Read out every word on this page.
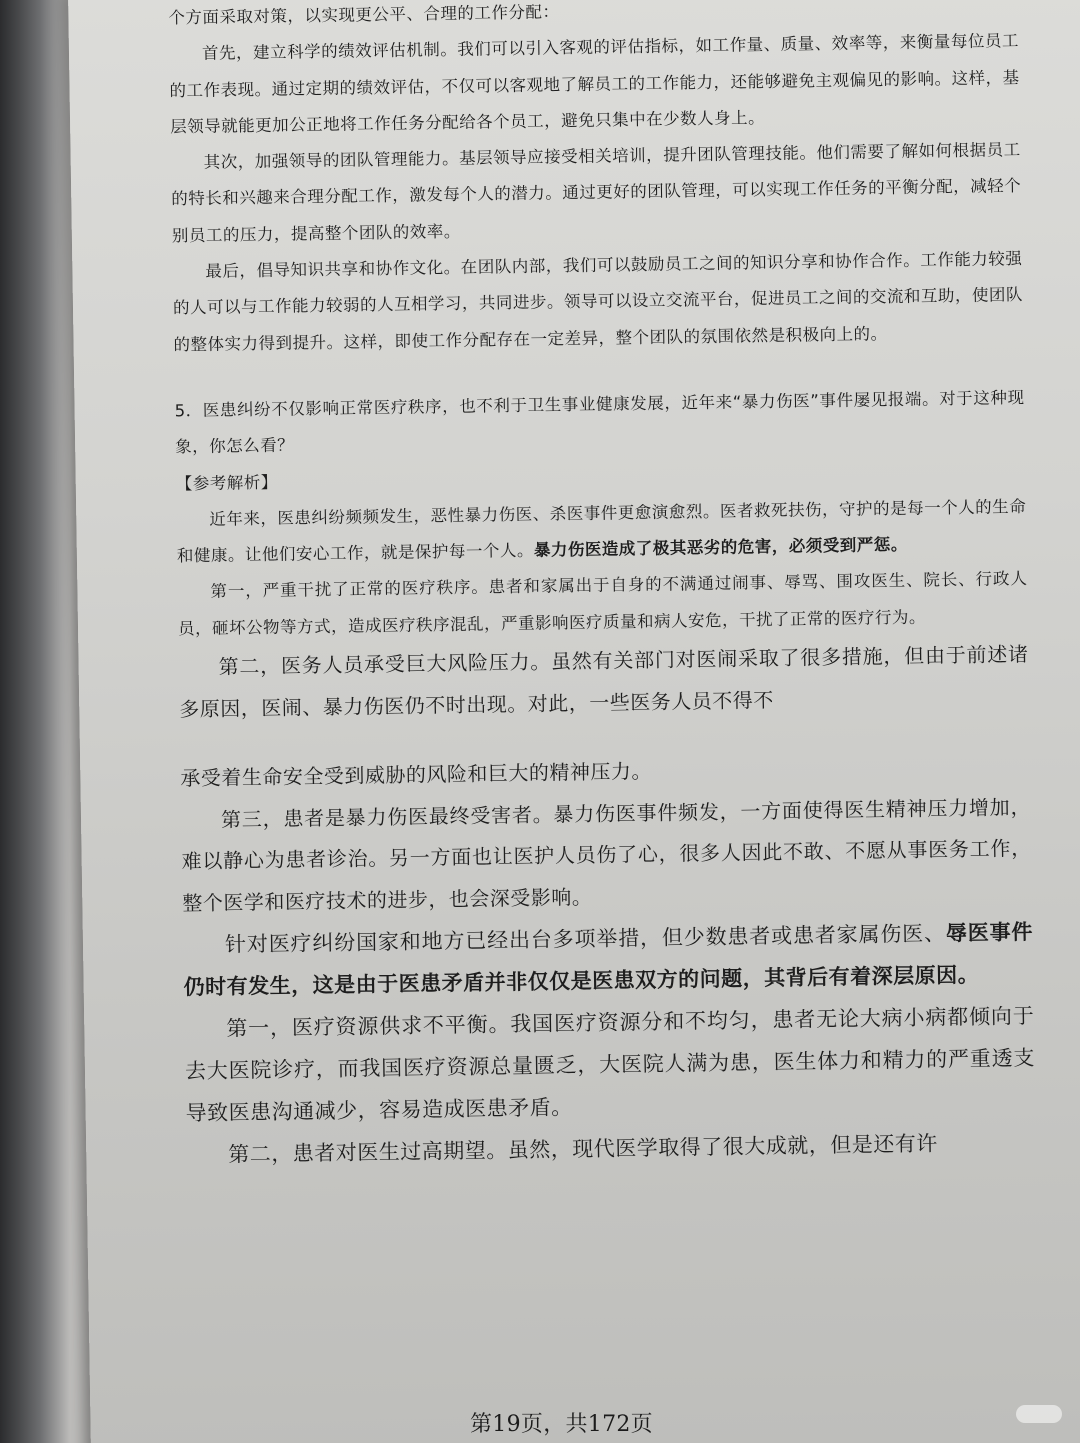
个方面采取对策，以实现更公平、合理的工作分配：

首先，建立科学的绩效评估机制。我们可以引入客观的评估指标，如工作量、质量、效率等，来衡量每位员工的工作表现。通过定期的绩效评估，不仅可以客观地了解员工的工作能力，还能够避免主观偏见的影响。这样，基层领导就能更加公正地将工作任务分配给各个员工，避免只集中在少数人身上。

其次，加强领导的团队管理能力。基层领导应接受相关培训，提升团队管理技能。他们需要了解如何根据员工的特长和兴趣来合理分配工作，激发每个人的潜力。通过更好的团队管理，可以实现工作任务的平衡分配，减轻个别员工的压力，提高整个团队的效率。

最后，倡导知识共享和协作文化。在团队内部，我们可以鼓励员工之间的知识分享和协作合作。工作能力较强的人可以与工作能力较弱的人互相学习，共同进步。领导可以设立交流平台，促进员工之间的交流和互助，使团队的整体实力得到提升。这样，即使工作分配存在一定差异，整个团队的氛围依然是积极向上的。

5．医患纠纷不仅影响正常医疗秩序，也不利于卫生事业健康发展，近年来“暴力伤医”事件屡见报端。对于这种现象，你怎么看？

【参考解析】

近年来，医患纠纷频频发生，恶性暴力伤医、杀医事件更愈演愈烈。医者救死扶伤，守护的是每一个人的生命和健康。让他们安心工作，就是保护每一个人。暴力伤医造成了极其恶劣的危害，必须受到严惩。

第一，严重干扰了正常的医疗秩序。患者和家属出于自身的不满通过闹事、辱骂、围攻医生、院长、行政人员，砸坏公物等方式，造成医疗秩序混乱，严重影响医疗质量和病人安危，干扰了正常的医疗行为。

第二，医务人员承受巨大风险压力。虽然有关部门对医闹采取了很多措施，但由于前述诸多原因，医闹、暴力伤医仍不时出现。对此，一些医务人员不得不

承受着生命安全受到威胁的风险和巨大的精神压力。

第三，患者是暴力伤医最终受害者。暴力伤医事件频发，一方面使得医生精神压力增加，难以静心为患者诊治。另一方面也让医护人员伤了心，很多人因此不敢、不愿从事医务工作，整个医学和医疗技术的进步，也会深受影响。

针对医疗纠纷国家和地方已经出台多项举措，但少数患者或患者家属伤医、辱医事件仍时有发生，这是由于医患矛盾并非仅仅是医患双方的问题，其背后有着深层原因。

第一，医疗资源供求不平衡。我国医疗资源分和不均匀，患者无论大病小病都倾向于去大医院诊疗，而我国医疗资源总量匮乏，大医院人满为患，医生体力和精力的严重透支导致医患沟通减少，容易造成医患矛盾。

第二，患者对医生过高期望。虽然，现代医学取得了很大成就，但是还有许

第19页，共172页
